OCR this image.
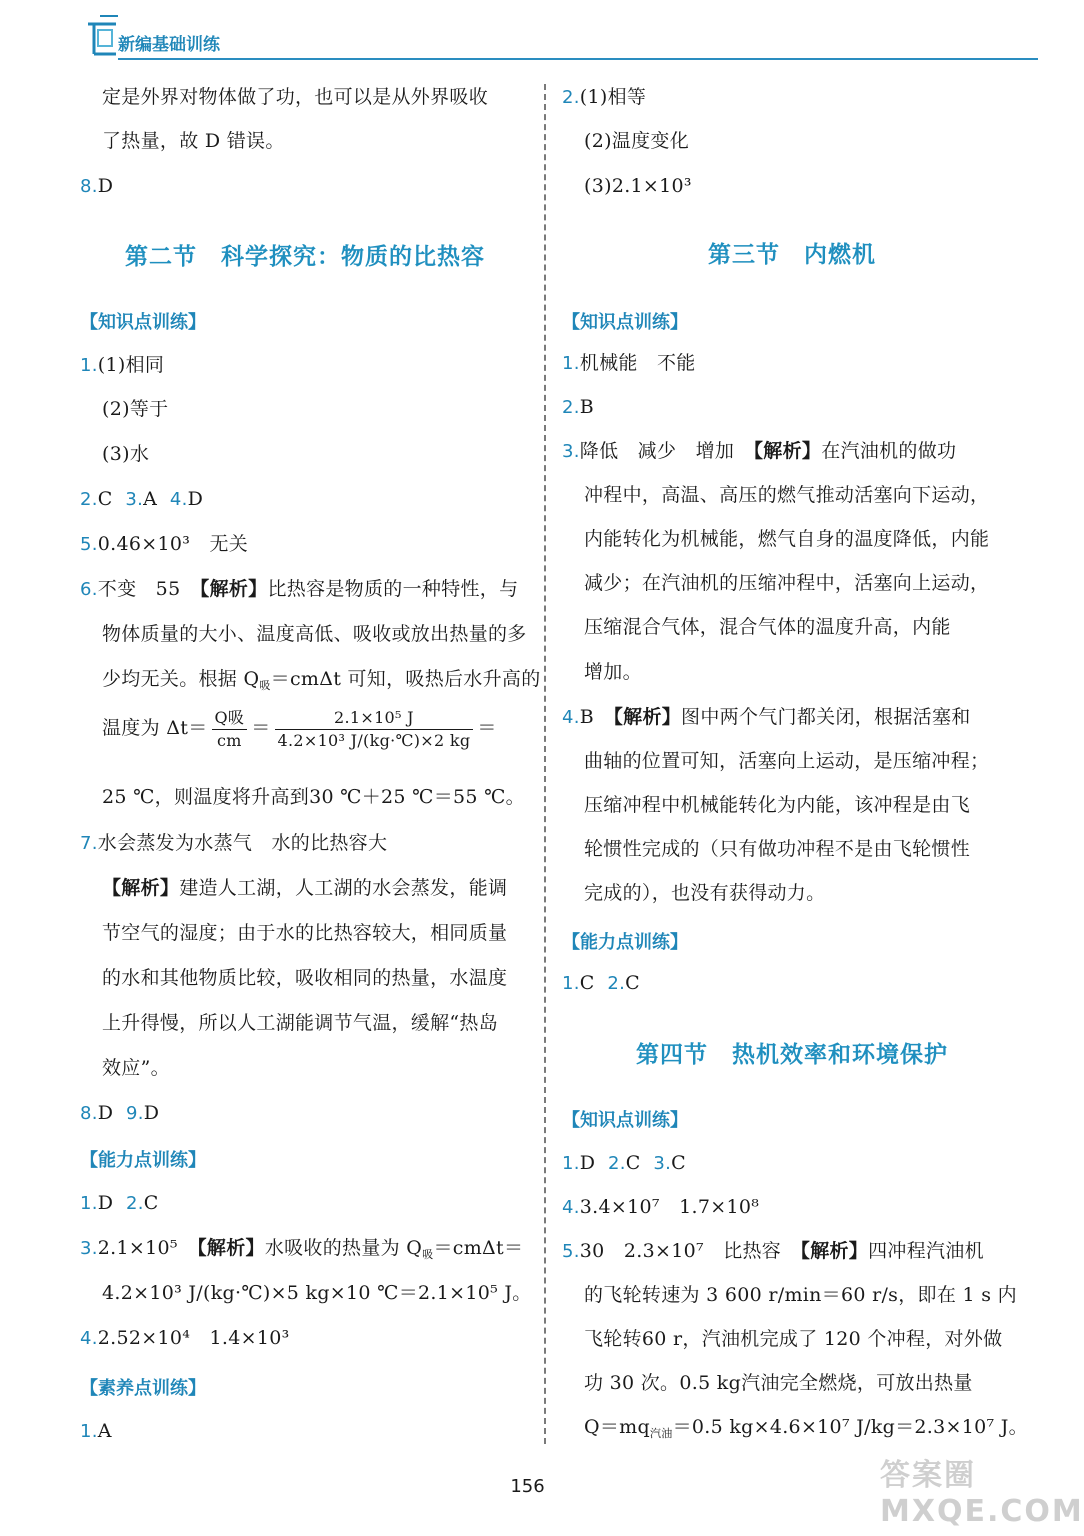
新编基础训练
定是外界对物体做了功，也可以是从外界吸收
了热量，故 D 错误。
8.D
第二节　科学探究：物质的比热容
【知识点训练】
1.(1)相同
(2)等于
(3)水
2.C 3.A 4.D
5.0.46×10³　无关
6.不变　55　【解析】比热容是物质的一种特性，与
物体质量的大小、温度高低、吸收或放出热量的多
少均无关。根据 $Q_吸=cm\Delta t$ 可知，吸热后水升高的
温度为 $\Delta t= \frac{\text{Q吸}}{cm} = \frac{\text{2.1×10⁵ J}}{\text{4.2×10³ J/(kg·℃)×2 kg}}$ ＝
25 ℃，则温度将升高到30 ℃＋25 ℃＝55 ℃。
7.水会蒸发为水蒸气　水的比热容大
【解析】建造人工湖，人工湖的水会蒸发，能调
节空气的湿度；由于水的比热容较大，相同质量
的水和其他物质比较，吸收相同的热量，水温度
上升得慢，所以人工湖能调节气温，缓解“热岛
效应”。
8.D 9.D
【能力点训练】
1.D 2.C
3.2.1×10⁵　【解析】水吸收的热量为 $Q_吸=cm\Delta t=$
4.2×10³ J/(kg·℃)×5 kg×10 ℃＝2.1×10⁵ J。
4.2.52×10⁴　1.4×10³
【素养点训练】
1.A
2.(1)相等
(2)温度变化
(3)2.1×10³
第三节　内燃机
【知识点训练】
1.机械能　不能
2.B
3.降低　减少　增加　【解析】在汽油机的做功
冲程中，高温、高压的燃气推动活塞向下运动，
内能转化为机械能，燃气自身的温度降低，内能
减少；在汽油机的压缩冲程中，活塞向上运动，
压缩混合气体，混合气体的温度升高，内能
增加。
4.B　【解析】图中两个气门都关闭，根据活塞和
曲轴的位置可知，活塞向上运动，是压缩冲程；
压缩冲程中机械能转化为内能，该冲程是由飞
轮惯性完成的（只有做功冲程不是由飞轮惯性
完成的），也没有获得动力。
【能力点训练】
1.C 2.C
第四节　热机效率和环境保护
【知识点训练】
1.D 2.C 3.C
4.3.4×10⁷　1.7×10⁸
5.30　2.3×10⁷　比热容　【解析】四冲程汽油机
的飞轮转速为 3 600 r/min＝60 r/s，即在 1 s 内
飞轮转60 r，汽油机完成了 120 个冲程，对外做
功 30 次。0.5 kg汽油完全燃烧，可放出热量
$Q=mq_{汽油}=0.5$ kg×4.6×10⁷ J/kg＝2.3×10⁷ J。
156	答案圈 MXQE.COM
